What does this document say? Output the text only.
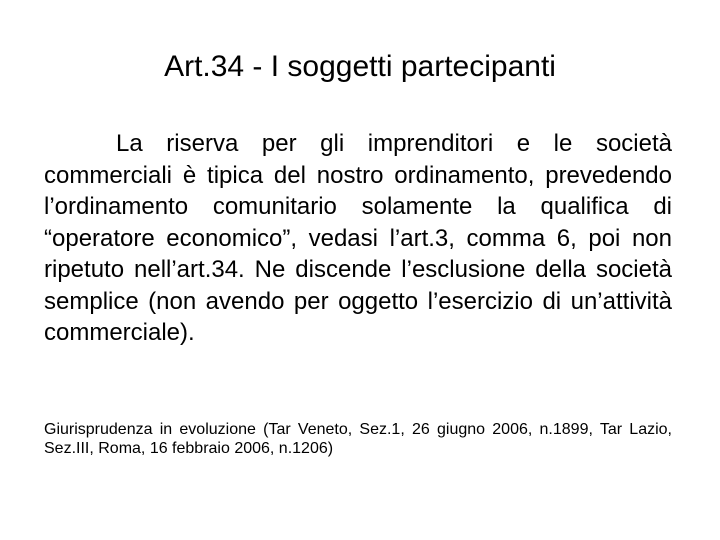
Art.34 - I soggetti partecipanti

La riserva per gli imprenditori e le società commerciali è tipica del nostro ordinamento, prevedendo l’ordinamento comunitario solamente la qualifica di “operatore economico”, vedasi l’art.3, comma 6, poi non ripetuto nell’art.34. Ne discende l’esclusione della società semplice (non avendo per oggetto l’esercizio di un’attività commerciale).

Giurisprudenza in evoluzione (Tar Veneto, Sez.1, 26 giugno 2006, n.1899, Tar Lazio, Sez.III, Roma, 16 febbraio 2006, n.1206)
